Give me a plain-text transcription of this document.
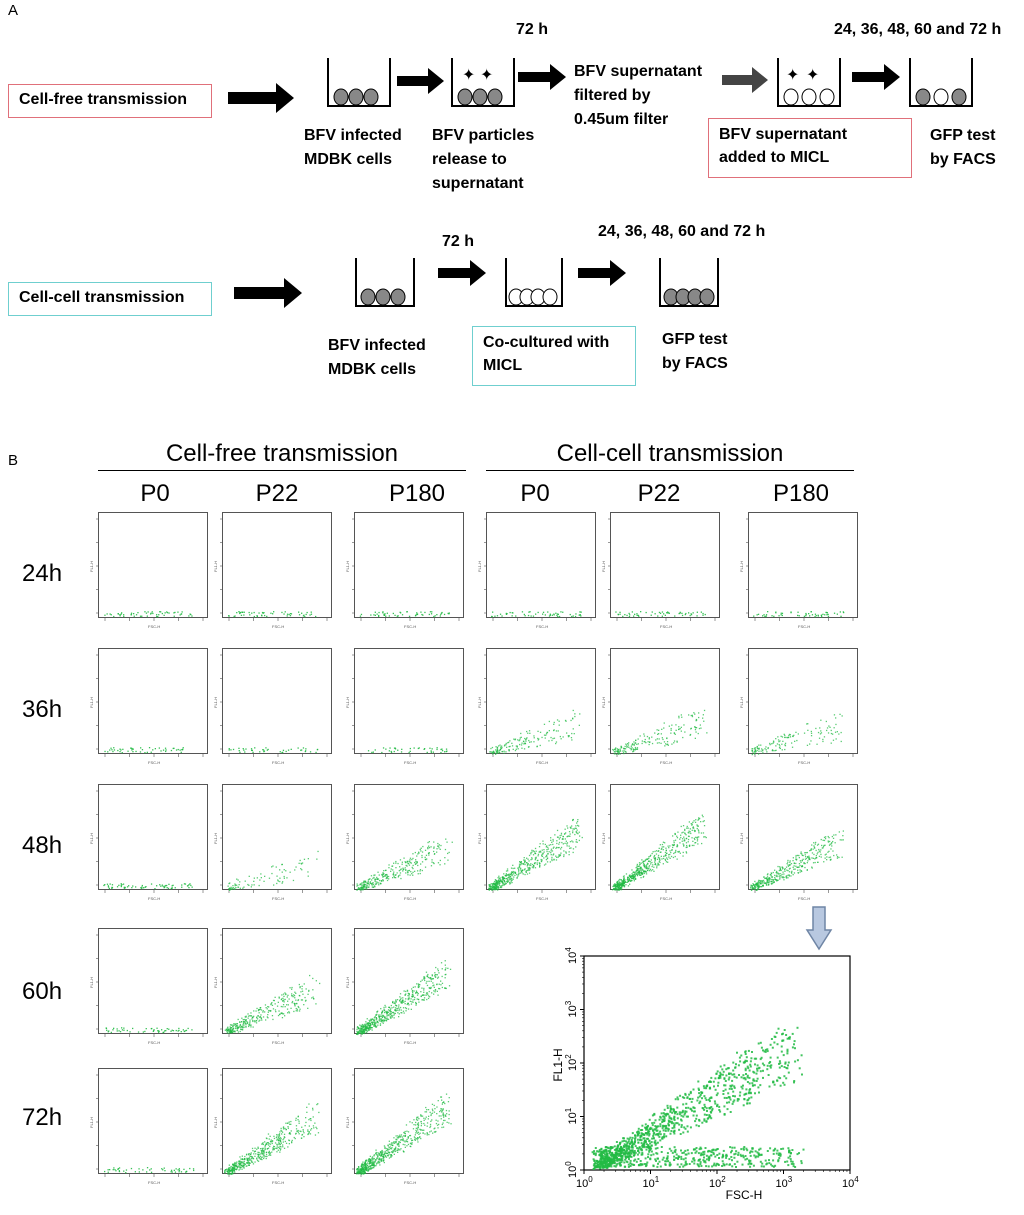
A
Cell-free transmission
✦ ✦	✦ ✦
72 h	24, 36, 48, 60 and 72 h
BFV infected
MDBK cells
BFV particles
release to
supernatant
BFV supernatant
filtered by
0.45um filter
BFV supernatant
added to MICL
GFP test
by FACS
Cell-cell transmission
72 h
24, 36, 48, 60 and 72 h
BFV infected
MDBK cells
Co-cultured with
MICL
GFP test
by FACS
B	Cell-free transmission	Cell-cell transmission
P0	P22	P180	P0	P22	P180
24h
36h
48h
60h
72h
FSC-H
FL1-H
FSC-H
FL1-H
FSC-H
FL1-H
FSC-H
FL1-H
FSC-H
FL1-H
FSC-H
FL1-H
FSC-H
FL1-H
FSC-H
FL1-H
FSC-H
FL1-H
FSC-H
FL1-H
FSC-H
FL1-H
FSC-H
FL1-H
FSC-H
FL1-H
FSC-H
FL1-H
FSC-H
FL1-H
FSC-H
FL1-H
FSC-H
FL1-H
FSC-H
FL1-H
FSC-H
FL1-H
FSC-H
FL1-H
FSC-H
FL1-H
FSC-H
FL1-H
FSC-H
FL1-H
FSC-H
FL1-H
$10^0$
$10^0$
$10^1$
$10^1$
$10^2$
$10^2$
$10^3$
$10^3$
$10^4$
$10^4$
FSC-H
FL1-H
